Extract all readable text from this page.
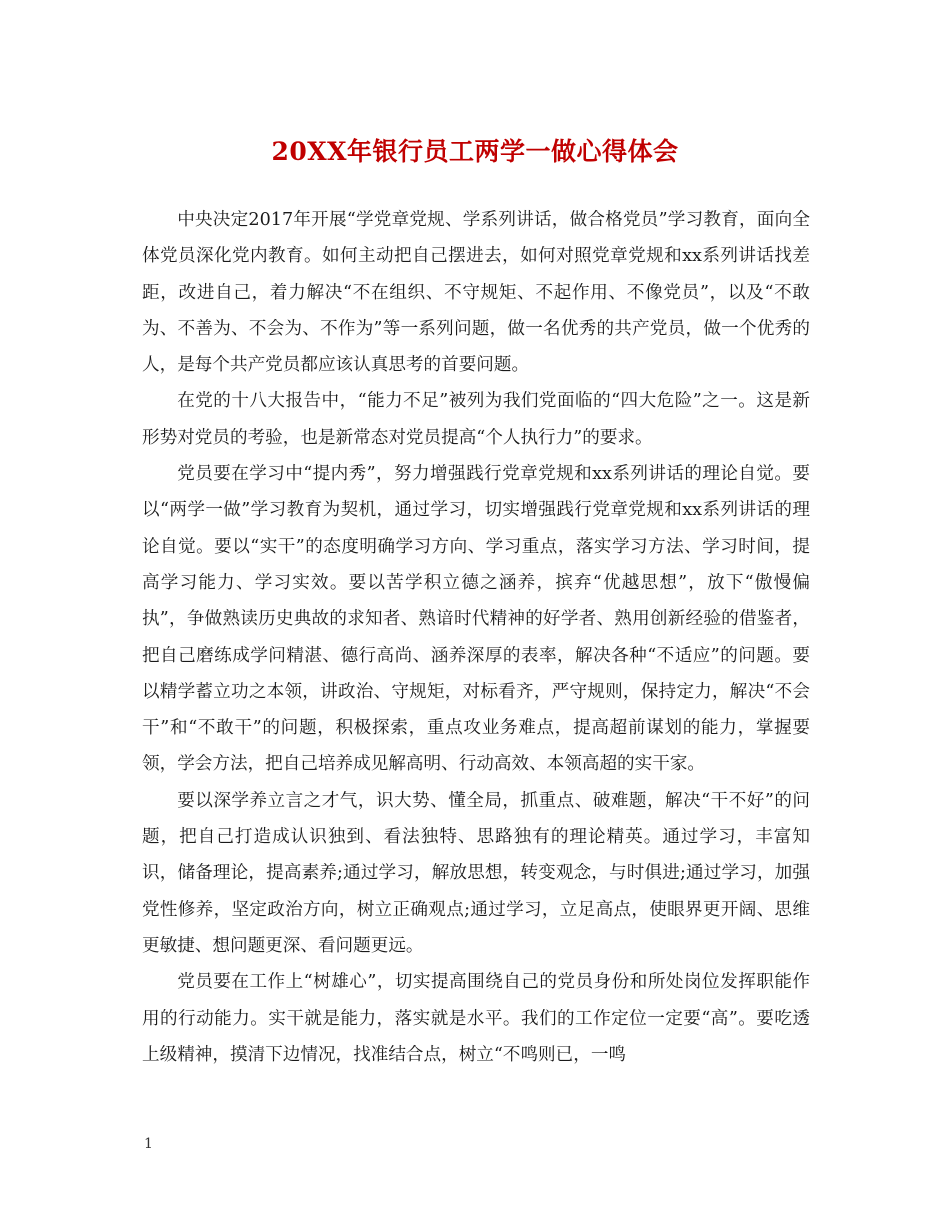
20XX年银行员工两学一做心得体会

中央决定2017年开展“学党章党规、学系列讲话，做合格党员”学习教育，面向全体党员深化党内教育。如何主动把自己摆进去，如何对照党章党规和xx系列讲话找差距，改进自己，着力解决“不在组织、不守规矩、不起作用、不像党员”，以及“不敢为、不善为、不会为、不作为”等一系列问题，做一名优秀的共产党员，做一个优秀的人，是每个共产党员都应该认真思考的首要问题。

在党的十八大报告中，“能力不足”被列为我们党面临的“四大危险”之一。这是新形势对党员的考验，也是新常态对党员提高“个人执行力”的要求。

党员要在学习中“提内秀”，努力增强践行党章党规和xx系列讲话的理论自觉。要以“两学一做”学习教育为契机，通过学习，切实增强践行党章党规和xx系列讲话的理论自觉。要以“实干”的态度明确学习方向、学习重点，落实学习方法、学习时间，提高学习能力、学习实效。要以苦学积立德之涵养，摈弃“优越思想”，放下“傲慢偏执”，争做熟读历史典故的求知者、熟谙时代精神的好学者、熟用创新经验的借鉴者，把自己磨练成学问精湛、德行高尚、涵养深厚的表率，解决各种“不适应”的问题。要以精学蓄立功之本领，讲政治、守规矩，对标看齐，严守规则，保持定力，解决“不会干”和“不敢干”的问题，积极探索，重点攻业务难点，提高超前谋划的能力，掌握要领，学会方法，把自己培养成见解高明、行动高效、本领高超的实干家。

要以深学养立言之才气，识大势、懂全局，抓重点、破难题，解决“干不好”的问题，把自己打造成认识独到、看法独特、思路独有的理论精英。通过学习，丰富知识，储备理论，提高素养;通过学习，解放思想，转变观念，与时俱进;通过学习，加强党性修养，坚定政治方向，树立正确观点;通过学习，立足高点，使眼界更开阔、思维更敏捷、想问题更深、看问题更远。

党员要在工作上“树雄心”，切实提高围绕自己的党员身份和所处岗位发挥职能作用的行动能力。实干就是能力，落实就是水平。我们的工作定位一定要“高”。要吃透上级精神，摸清下边情况，找准结合点，树立“不鸣则已，一鸣

1
